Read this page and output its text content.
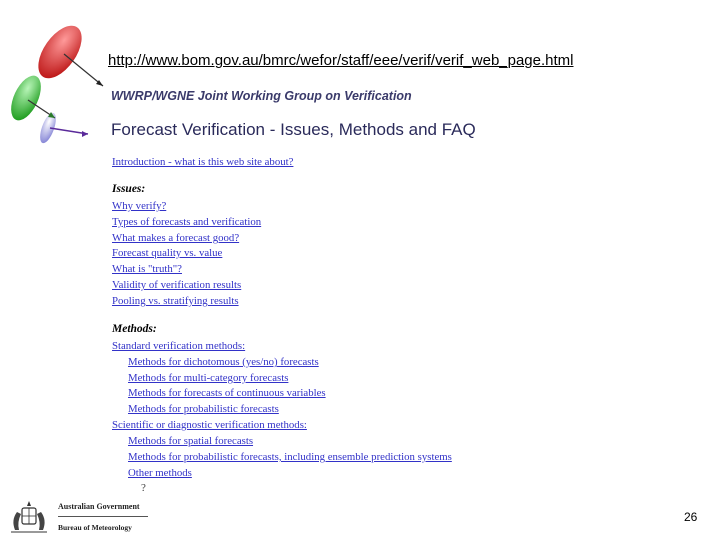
http://www.bom.gov.au/bmrc/wefor/staff/eee/verif/verif_web_page.html
WWRP/WGNE Joint Working Group on Verification
Forecast Verification - Issues, Methods and FAQ
Introduction - what is this web site about?
Issues:
Why verify?
Types of forecasts and verification
What makes a forecast good?
Forecast quality vs. value
What is "truth"?
Validity of verification results
Pooling vs. stratifying results
Methods:
Standard verification methods:
Methods for dichotomous (yes/no) forecasts
Methods for multi-category forecasts
Methods for forecasts of continuous variables
Methods for probabilistic forecasts
Scientific or diagnostic verification methods:
Methods for spatial forecasts
Methods for probabilistic forecasts, including ensemble prediction systems
Other methods
?
Australian Government
Bureau of Meteorology
26
